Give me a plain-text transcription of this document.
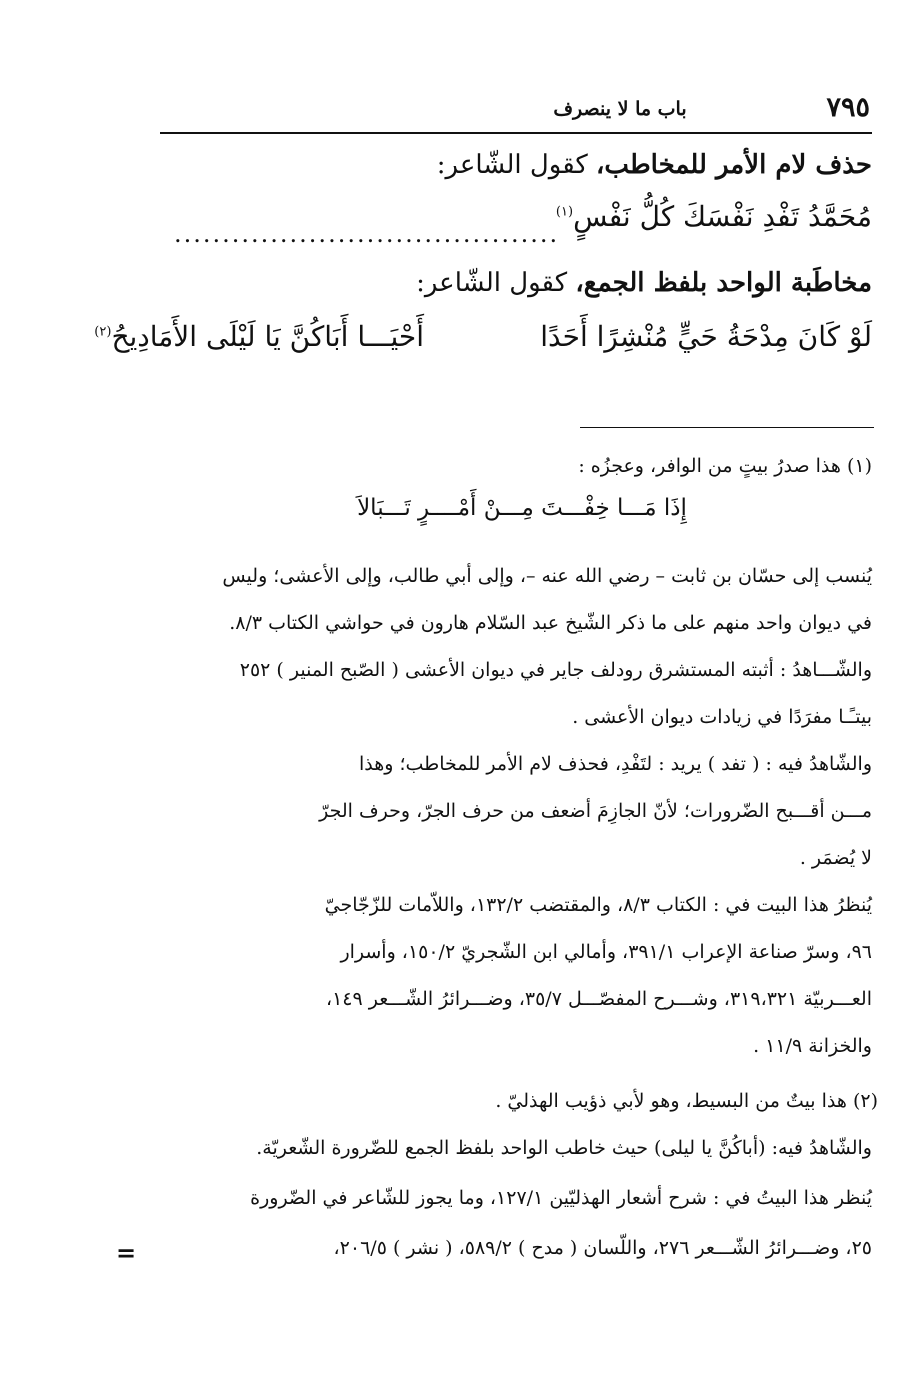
٧٩٥
باب ما لا ينصرف
حذف لام الأمر للمخاطب، كقول الشّاعر:
مُحَمَّدُ تَفْدِ نَفْسَكَ كُلُّ نَفْسٍ$^{(١)}$
........................................
مخاطَبة الواحد بلفظ الجمع، كقول الشّاعر:
لَوْ كَانَ مِدْحَةُ حَيٍّ مُنْشِرًا أَحَدًا
أَحْيَـــا أَبَاكُنَّ يَا لَيْلَى الأَمَادِيحُ$^{(٢)}$
(١) هذا صدرُ بيتٍ من الوافر، وعجزُه :
إِذَا مَـــا خِفْـــتَ مِـــنْ أَمْــــرٍ تَـــبَالاَ
يُنسب إلى حسّان بن ثابت – رضي الله عنه –، وإلى أبي طالب، وإلى الأعشى؛ وليس
في ديوان واحد منهم على ما ذكر الشّيخ عبد السّلام هارون في حواشي الكتاب ٨/٣.
والشّـــاهدُ : أثبته المستشرق رودلف جاير في ديوان الأعشى ( الصّبح المنير ) ٢٥٢
بيتـًـا مفرَدًا في زيادات ديوان الأعشى .
والشّاهدُ فيه : ( تفد ) يريد : لتَفْدِ، فحذف لام الأمر للمخاطب؛ وهذا
مـــن أقـــبح الضّرورات؛ لأنّ الجازِمَ أضعف من حرف الجرّ، وحرف الجرّ
لا يُضمَر .
يُنظرُ هذا البيت في : الكتاب ٨/٣، والمقتضب ١٣٢/٢، واللاّمات للزّجّاجيّ
٩٦، وسرّ صناعة الإعراب ٣٩١/١، وأمالي ابن الشّجريّ ١٥٠/٢، وأسرار
العـــربيّة ٣١٩،٣٢١، وشـــرح المفصّـــل ٣٥/٧، وضـــرائرُ الشّـــعر ١٤٩،
والخزانة ١١/٩ .
(٢) هذا بيتٌ من البسيط، وهو لأبي ذؤيب الهذليّ .
والشّاهدُ فيه: (أباكُنَّ يا ليلى) حيث خاطب الواحد بلفظ الجمع للضّرورة الشّعريّة.
يُنظر هذا البيتُ في : شرح أشعار الهذليّين ١٢٧/١، وما يجوز للشّاعر في الضّرورة
٢٥، وضـــرائرُ الشّـــعر ٢٧٦، واللّسان ( مدح ) ٥٨٩/٢، ( نشر ) ٢٠٦/٥،
=
